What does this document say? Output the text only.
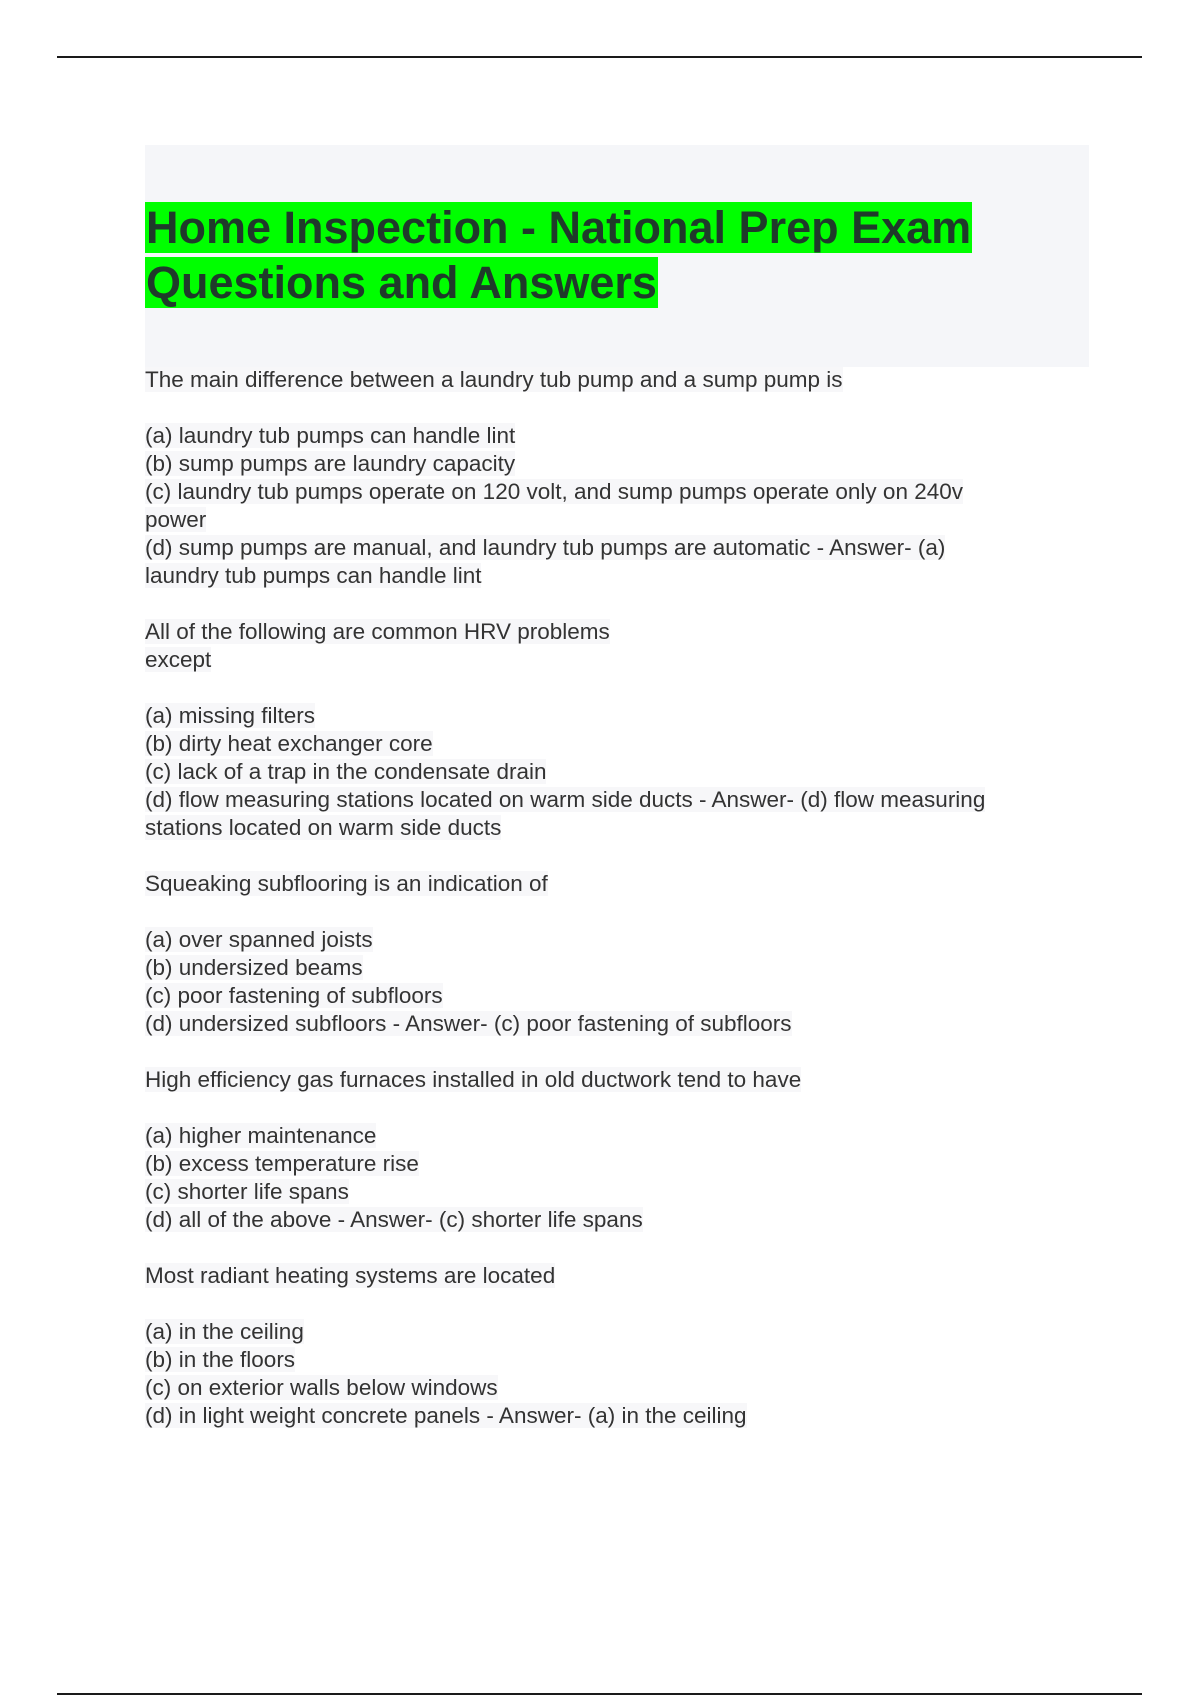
Home Inspection - National Prep Exam
Questions and Answers
The main difference between a laundry tub pump and a sump pump is
(a) laundry tub pumps can handle lint
(b) sump pumps are laundry capacity
(c) laundry tub pumps operate on 120 volt, and sump pumps operate only on 240v
power
(d) sump pumps are manual, and laundry tub pumps are automatic - Answer- (a)
laundry tub pumps can handle lint
All of the following are common HRV problems
except
(a) missing filters
(b) dirty heat exchanger core
(c) lack of a trap in the condensate drain
(d) flow measuring stations located on warm side ducts - Answer- (d) flow measuring
stations located on warm side ducts
Squeaking subflooring is an indication of
(a) over spanned joists
(b) undersized beams
(c) poor fastening of subfloors
(d) undersized subfloors - Answer- (c) poor fastening of subfloors
High efficiency gas furnaces installed in old ductwork tend to have
(a) higher maintenance
(b) excess temperature rise
(c) shorter life spans
(d) all of the above - Answer- (c) shorter life spans
Most radiant heating systems are located
(a) in the ceiling
(b) in the floors
(c) on exterior walls below windows
(d) in light weight concrete panels - Answer- (a) in the ceiling
